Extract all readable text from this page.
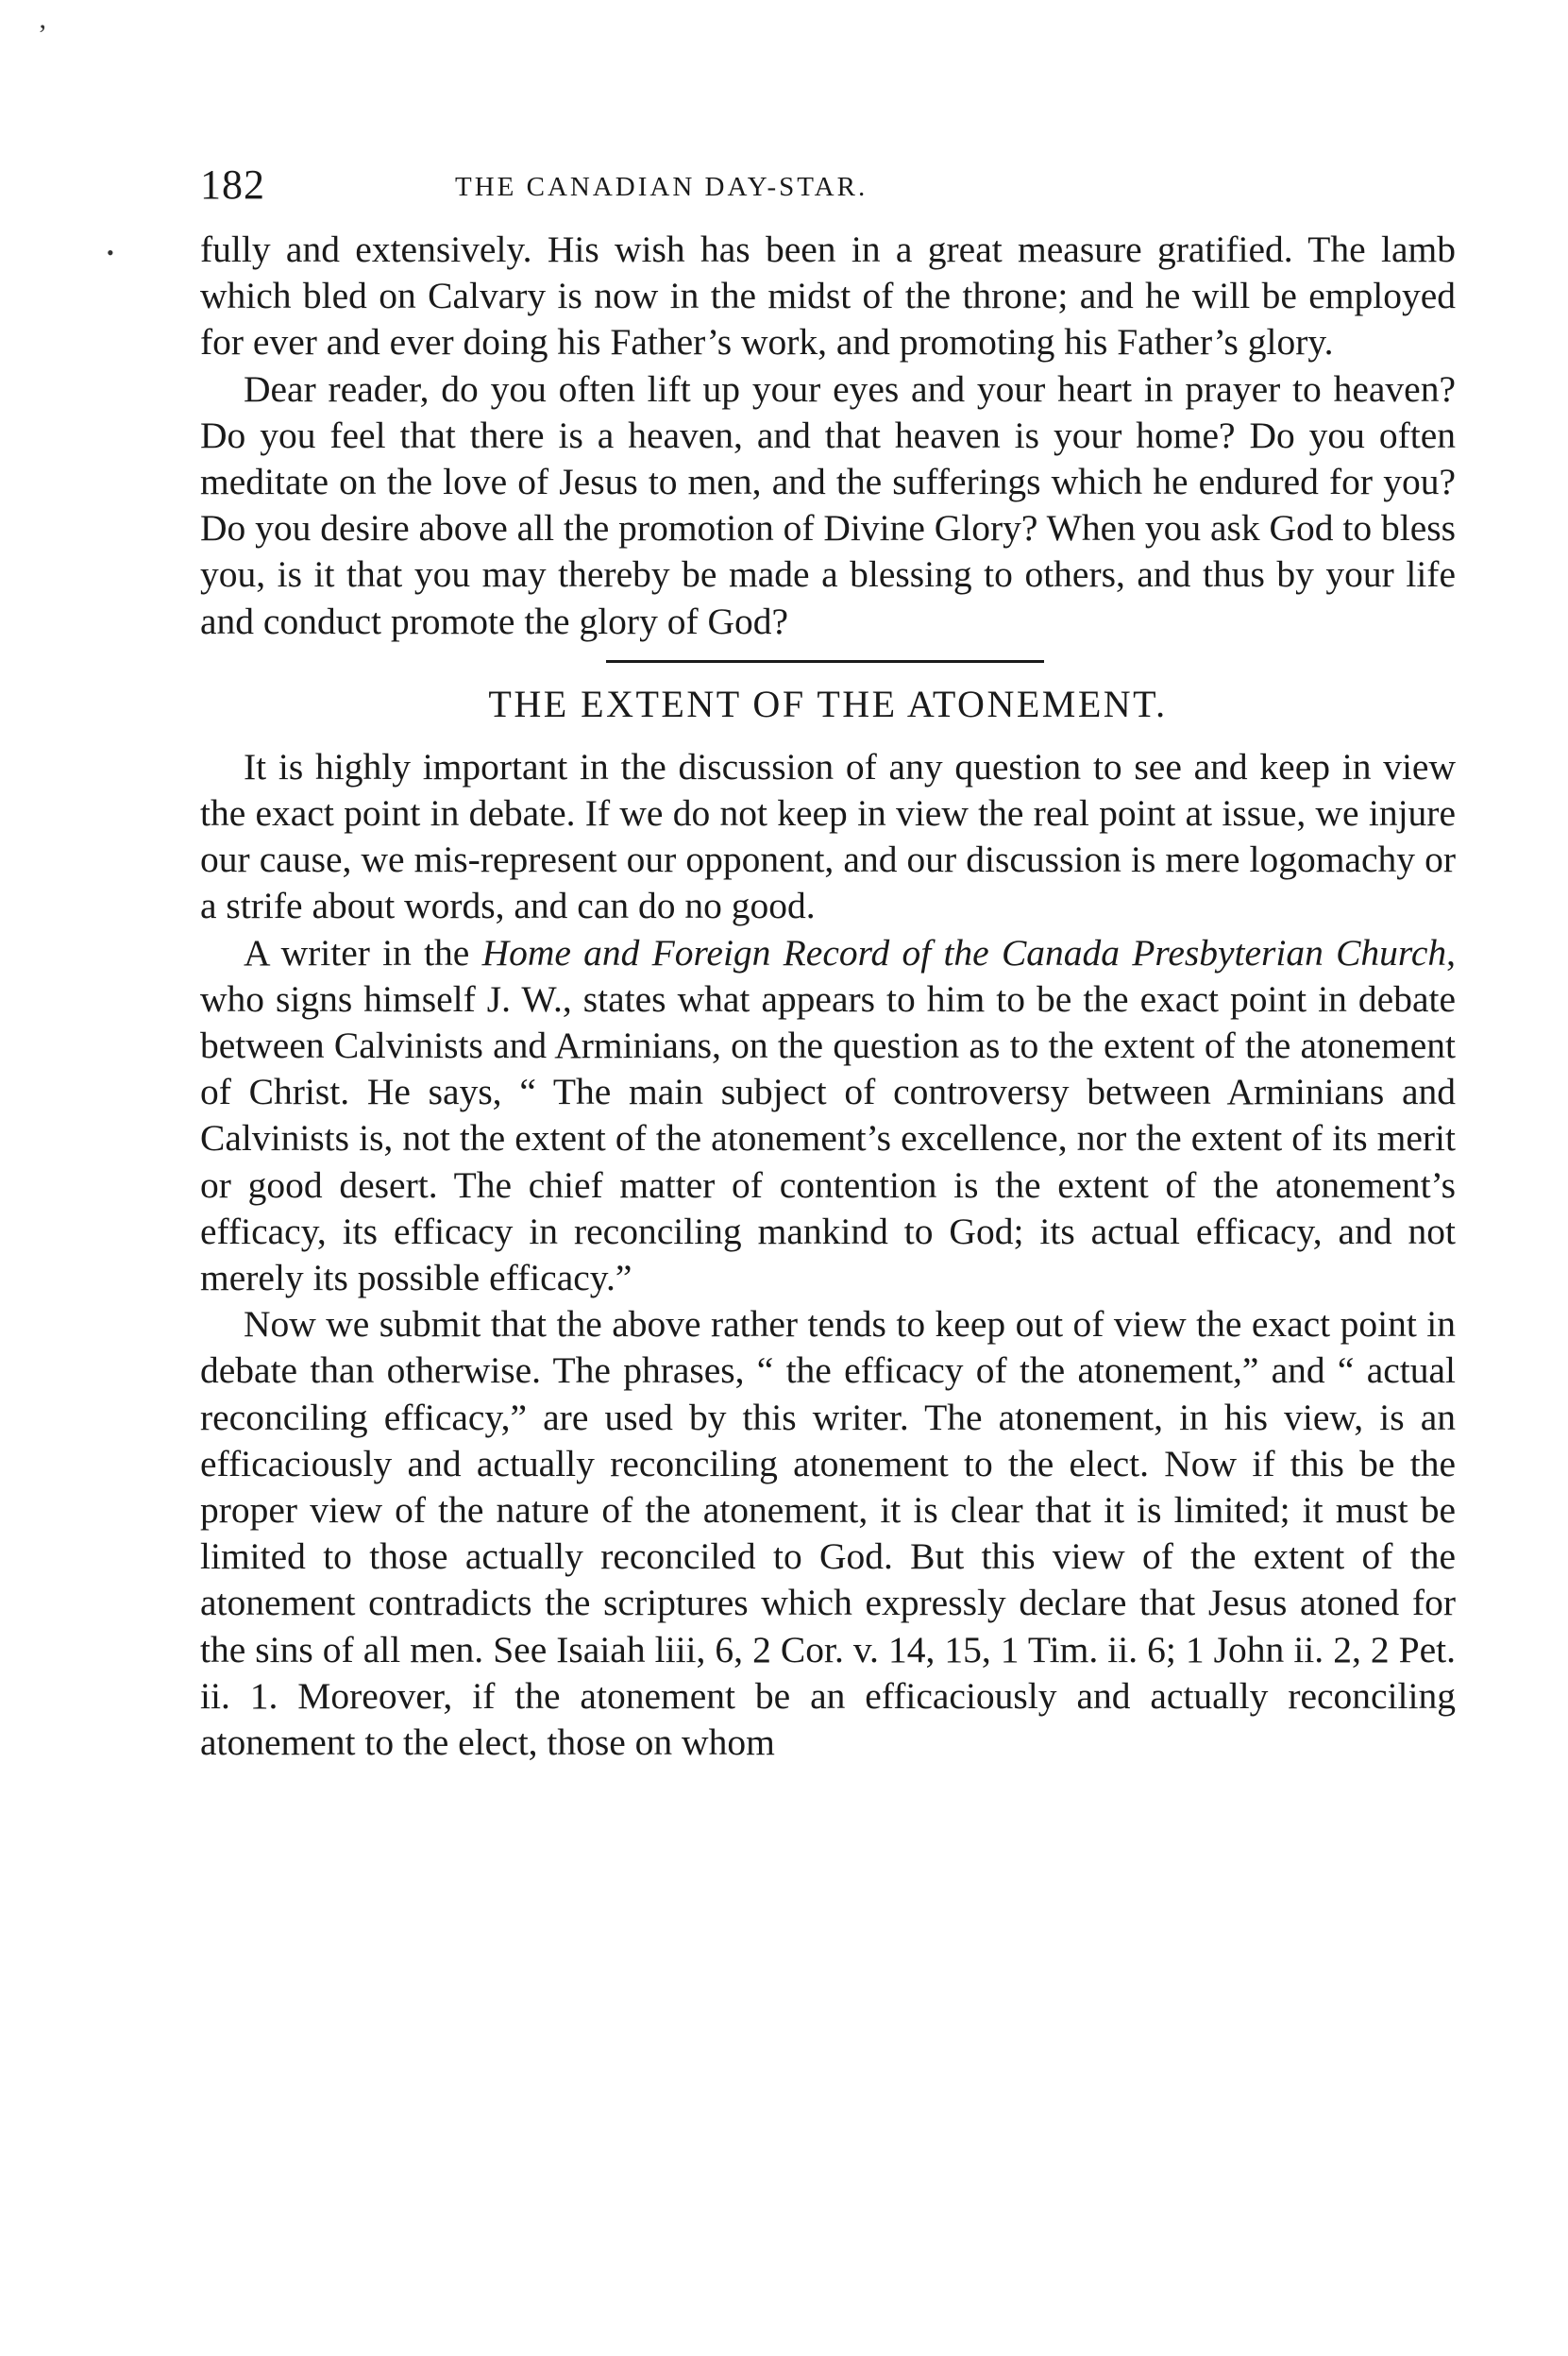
’
•
182	THE CANADIAN DAY-STAR.

fully and extensively. His wish has been in a great measure gratified. The lamb which bled on Calvary is now in the midst of the throne; and he will be employed for ever and ever doing his Father’s work, and promoting his Father’s glory.

Dear reader, do you often lift up your eyes and your heart in prayer to heaven? Do you feel that there is a heaven, and that heaven is your home? Do you often meditate on the love of Jesus to men, and the sufferings which he endured for you? Do you desire above all the promotion of Divine Glory? When you ask God to bless you, is it that you may thereby be made a blessing to others, and thus by your life and conduct promote the glory of God?

THE EXTENT OF THE ATONEMENT.

It is highly important in the discussion of any question to see and keep in view the exact point in debate. If we do not keep in view the real point at issue, we injure our cause, we mis-represent our opponent, and our discussion is mere logomachy or a strife about words, and can do no good.

A writer in the Home and Foreign Record of the Canada Presbyterian Church, who signs himself J. W., states what appears to him to be the exact point in debate between Calvinists and Arminians, on the question as to the extent of the atonement of Christ. He says, “ The main subject of controversy between Arminians and Calvinists is, not the extent of the atonement’s excellence, nor the extent of its merit or good desert. The chief matter of contention is the extent of the atonement’s efficacy, its efficacy in reconciling mankind to God; its actual efficacy, and not merely its possible efficacy.”

Now we submit that the above rather tends to keep out of view the exact point in debate than otherwise. The phrases, “ the efficacy of the atonement,” and “ actual reconciling efficacy,” are used by this writer. The atonement, in his view, is an efficaciously and actually reconciling atonement to the elect. Now if this be the proper view of the nature of the atonement, it is clear that it is limited; it must be limited to those actually reconciled to God. But this view of the extent of the atonement contradicts the scriptures which expressly declare that Jesus atoned for the sins of all men. See Isaiah liii, 6, 2 Cor. v. 14, 15, 1 Tim. ii. 6; 1 John ii. 2, 2 Pet. ii. 1. Moreover, if the atonement be an efficaciously and actually reconciling atonement to the elect, those on whom
